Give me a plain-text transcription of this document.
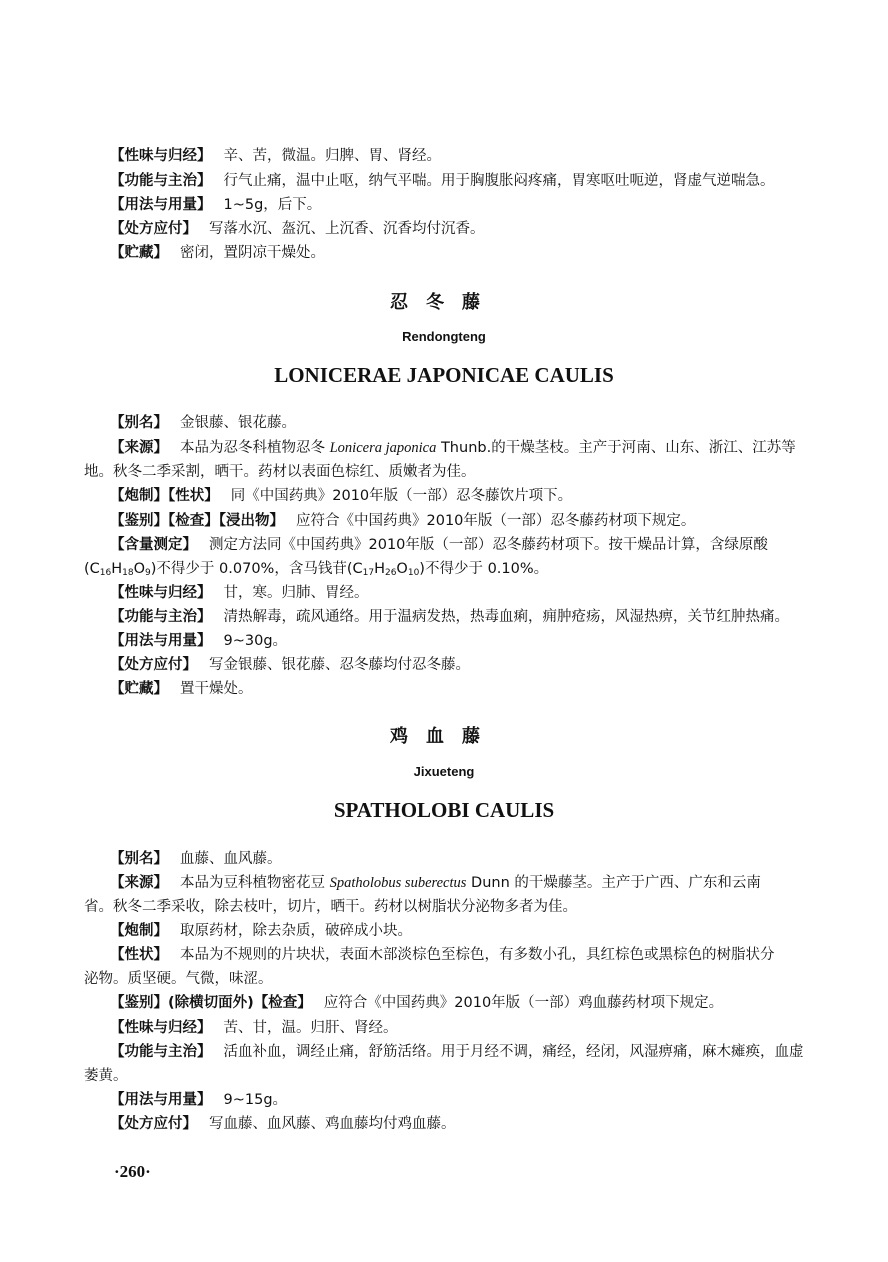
【性味与归经】 辛、苦，微温。归脾、胃、肾经。
【功能与主治】 行气止痛，温中止呕，纳气平喘。用于胸腹胀闷疼痛，胃寒呕吐呃逆，肾虚气逆喘急。
【用法与用量】 1~5g，后下。
【处方应付】 写落水沉、盔沉、上沉香、沉香均付沉香。
【贮藏】 密闭，置阴凉干燥处。
忍冬藤
Rendongteng
LONICERAE JAPONICAE CAULIS
【别名】 金银藤、银花藤。
【来源】 本品为忍冬科植物忍冬 Lonicera japonica Thunb.的干燥茎枝。主产于河南、山东、浙江、江苏等
地。秋冬二季采割，晒干。药材以表面色棕红、质嫩者为佳。
【炮制】【性状】 同《中国药典》2010年版（一部）忍冬藤饮片项下。
【鉴别】【检查】【浸出物】 应符合《中国药典》2010年版（一部）忍冬藤药材项下规定。
【含量测定】 测定方法同《中国药典》2010年版（一部）忍冬藤药材项下。按干燥品计算，含绿原酸
$(C_{16}H_{18}O_9)$不得少于 0.070%，含马钱苷$(C_{17}H_{26}O_{10})$不得少于 0.10%。
【性味与归经】 甘，寒。归肺、胃经。
【功能与主治】 清热解毒，疏风通络。用于温病发热，热毒血痢，痈肿疮疡，风湿热痹，关节红肿热痛。
【用法与用量】 9~30g。
【处方应付】 写金银藤、银花藤、忍冬藤均付忍冬藤。
【贮藏】 置干燥处。
鸡血藤
Jixueteng
SPATHOLOBI CAULIS
【别名】 血藤、血风藤。
【来源】 本品为豆科植物密花豆 Spatholobus suberectus Dunn 的干燥藤茎。主产于广西、广东和云南
省。秋冬二季采收，除去枝叶，切片，晒干。药材以树脂状分泌物多者为佳。
【炮制】 取原药材，除去杂质，破碎成小块。
【性状】 本品为不规则的片块状，表面木部淡棕色至棕色，有多数小孔，具红棕色或黑棕色的树脂状分
泌物。质坚硬。气微，味涩。
【鉴别】(除横切面外)【检查】 应符合《中国药典》2010年版（一部）鸡血藤药材项下规定。
【性味与归经】 苦、甘，温。归肝、肾经。
【功能与主治】 活血补血，调经止痛，舒筋活络。用于月经不调，痛经，经闭，风湿痹痛，麻木瘫痪，血虚
萎黄。
【用法与用量】 9~15g。
【处方应付】 写血藤、血风藤、鸡血藤均付鸡血藤。
·260·
